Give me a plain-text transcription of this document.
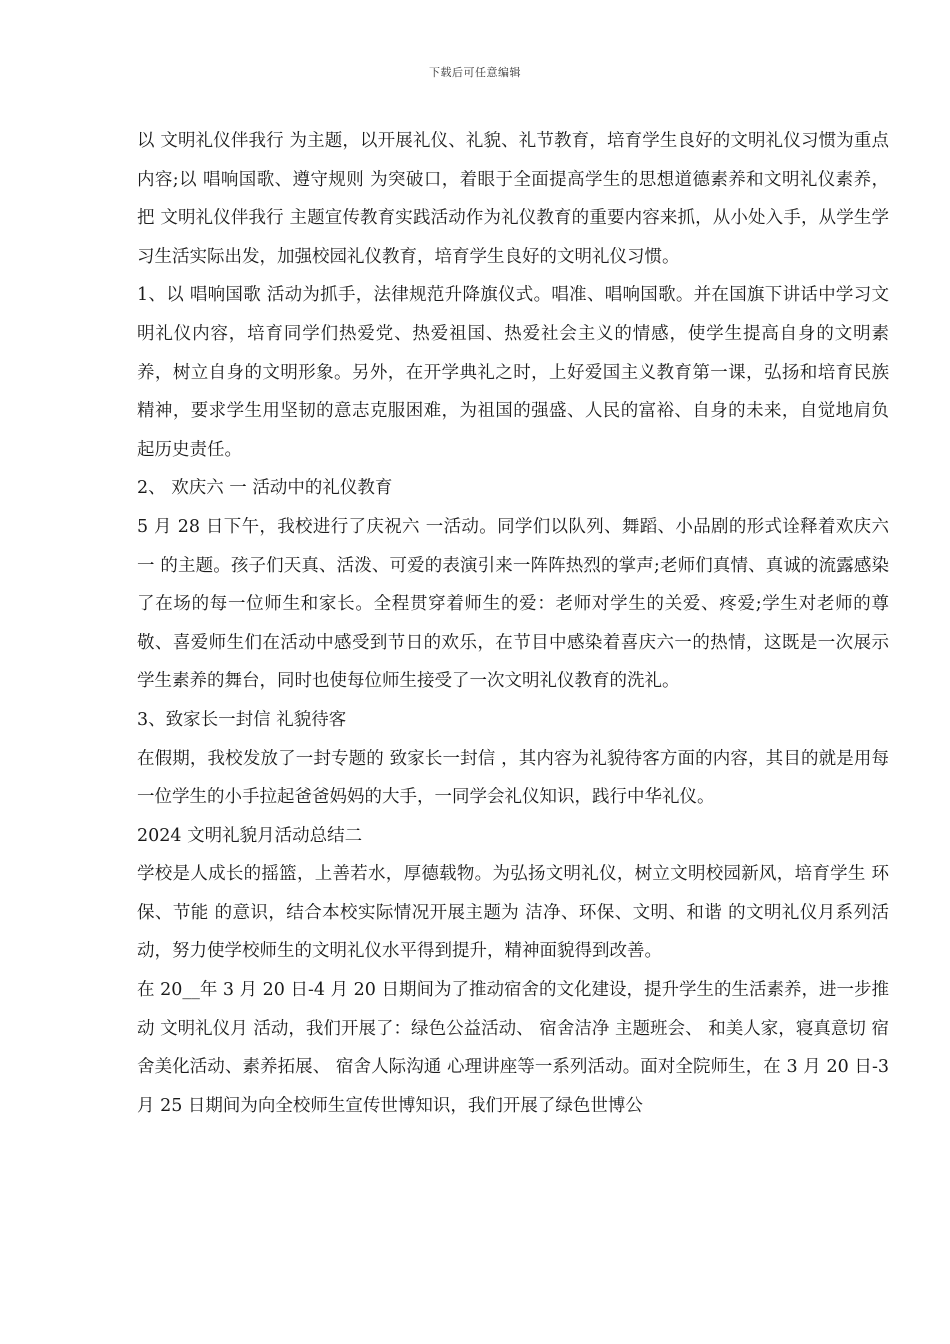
下载后可任意编辑

以 文明礼仪伴我行 为主题，以开展礼仪、礼貌、礼节教育，培育学生良好的文明礼仪习惯为重点内容;以 唱响国歌、遵守规则 为突破口，着眼于全面提高学生的思想道德素养和文明礼仪素养，把 文明礼仪伴我行 主题宣传教育实践活动作为礼仪教育的重要内容来抓，从小处入手，从学生学习生活实际出发，加强校园礼仪教育，培育学生良好的文明礼仪习惯。

1、以 唱响国歌 活动为抓手，法律规范升降旗仪式。唱准、唱响国歌。并在国旗下讲话中学习文明礼仪内容，培育同学们热爱党、热爱祖国、热爱社会主义的情感，使学生提高自身的文明素养，树立自身的文明形象。另外，在开学典礼之时，上好爱国主义教育第一课，弘扬和培育民族精神，要求学生用坚韧的意志克服困难，为祖国的强盛、人民的富裕、自身的未来，自觉地肩负起历史责任。

2、 欢庆六 一 活动中的礼仪教育

5 月 28 日下午，我校进行了庆祝六 一活动。同学们以队列、舞蹈、小品剧的形式诠释着欢庆六 一 的主题。孩子们天真、活泼、可爱的表演引来一阵阵热烈的掌声;老师们真情、真诚的流露感染了在场的每一位师生和家长。全程贯穿着师生的爱：老师对学生的关爱、疼爱;学生对老师的尊敬、喜爱师生们在活动中感受到节日的欢乐，在节目中感染着喜庆六一的热情，这既是一次展示学生素养的舞台，同时也使每位师生接受了一次文明礼仪教育的洗礼。

3、致家长一封信 礼貌待客

在假期，我校发放了一封专题的 致家长一封信 ，其内容为礼貌待客方面的内容，其目的就是用每一位学生的小手拉起爸爸妈妈的大手，一同学会礼仪知识，践行中华礼仪。

2024 文明礼貌月活动总结二

学校是人成长的摇篮，上善若水，厚德载物。为弘扬文明礼仪，树立文明校园新风，培育学生 环保、节能 的意识，结合本校实际情况开展主题为 洁净、环保、文明、和谐 的文明礼仪月系列活动，努力使学校师生的文明礼仪水平得到提升，精神面貌得到改善。

在 20__年 3 月 20 日-4 月 20 日期间为了推动宿舍的文化建设，提升学生的生活素养，进一步推动 文明礼仪月 活动，我们开展了：绿色公益活动、 宿舍洁净 主题班会、 和美人家，寝真意切 宿舍美化活动、素养拓展、 宿舍人际沟通 心理讲座等一系列活动。面对全院师生，在 3 月 20 日-3 月 25 日期间为向全校师生宣传世博知识，我们开展了绿色世博公
